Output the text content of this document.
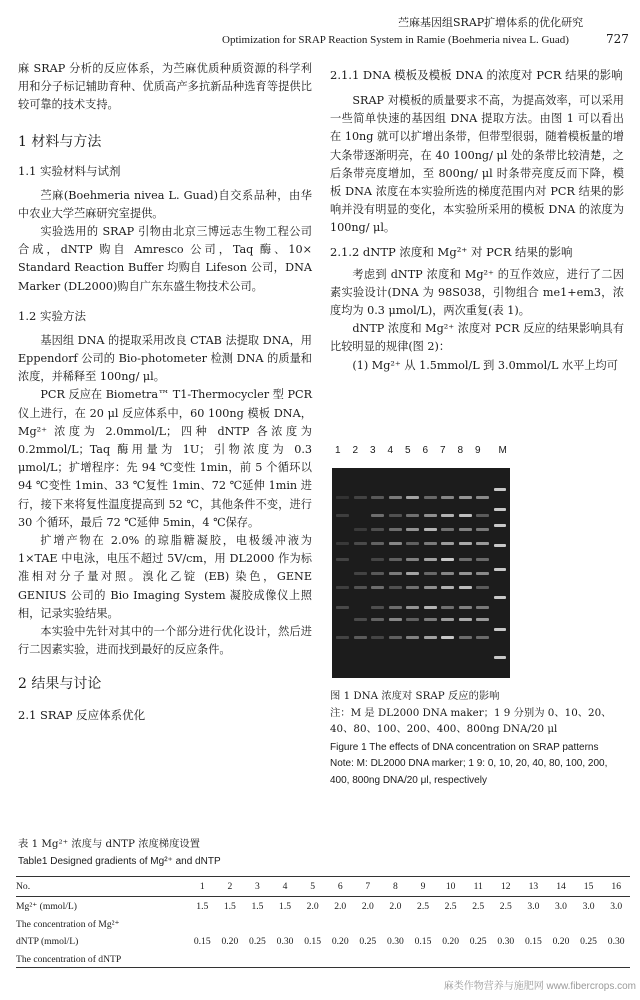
苎麻基因组SRAP扩增体系的优化研究
Optimization for SRAP Reaction System in Ramie (Boehmeria nivea L. Guad)	727

麻 SRAP 分析的反应体系，为苎麻优质种质资源的科学利用和分子标记辅助育种、优质高产多抗新品种选育等提供比较可靠的技术支持。

1 材料与方法
1.1 实验材料与试剂

苎麻(Boehmeria nivea L. Guad)自交系品种，由华中农业大学苎麻研究室提供。

实验选用的 SRAP 引物由北京三博远志生物工程公司合成，dNTP 购自 Amresco 公司，Taq 酶、10× Standard Reaction Buffer 均购自 Lifeson 公司，DNA Marker (DL2000)购自广东东盛生物技术公司。

1.2 实验方法

基因组 DNA 的提取采用改良 CTAB 法提取 DNA，用 Eppendorf 公司的 Bio-photometer 检测 DNA 的质量和浓度，并稀释至 100ng/ μl。

PCR 反应在 Biometra™ T1-Thermocycler 型 PCR 仪上进行，在 20 μl 反应体系中，60 100ng 模板 DNA，Mg²⁺ 浓度为 2.0mmol/L；四种 dNTP 各浓度为 0.2mmol/L；Taq 酶用量为 1U；引物浓度为 0.3 μmol/L；扩增程序：先 94 ℃变性 1min，前 5 个循环以 94 ℃变性 1min、33 ℃复性 1min、72 ℃延伸 1min 进行，接下来将复性温度提高到 52 ℃，其他条件不变，进行 30 个循环，最后 72 ℃延伸 5min，4 ℃保存。

扩增产物在 2.0% 的琼脂糖凝胶，电极缓冲液为 1×TAE 中电泳，电压不超过 5V/cm，用 DL2000 作为标准相对分子量对照。溴化乙锭 (EB) 染色，GENE GENIUS 公司的 Bio Imaging System 凝胶成像仪上照相，记录实验结果。

本实验中先针对其中的一个部分进行优化设计，然后进行二因素实验，进而找到最好的反应条件。

2 结果与讨论
2.1 SRAP 反应体系优化
2.1.1 DNA 模板及模板 DNA 的浓度对 PCR 结果的影响

SRAP 对模板的质量要求不高，为提高效率，可以采用一些简单快速的基因组 DNA 提取方法。由图 1 可以看出在 10ng 就可以扩增出条带，但带型很弱，随着模板量的增大条带逐渐明亮，在 40 100ng/ μl 处的条带比较清楚，之后条带亮度增加，至 800ng/ μl 时条带亮度反而下降，模板 DNA 浓度在本实验所选的梯度范围内对 PCR 结果的影响并没有明显的变化，本实验所采用的模板 DNA 的浓度为 100ng/ μl。

2.1.2 dNTP 浓度和 Mg²⁺ 对 PCR 结果的影响

考虑到 dNTP 浓度和 Mg²⁺ 的互作效应，进行了二因素实验设计(DNA 为 98S038，引物组合 me1+em3，浓度均为 0.3 μmol/L)，两次重复(表 1)。

dNTP 浓度和 Mg²⁺ 浓度对 PCR 反应的结果影响具有比较明显的规律(图 2)：

(1) Mg²⁺ 从 1.5mmol/L 到 3.0mmol/L 水平上均可

1 2 3 4 5 6 7 8 9 M
图 1 DNA 浓度对 SRAP 反应的影响
注：M 是 DL2000 DNA maker；1 9 分别为 0、10、20、40、80、100、200、400、800ng DNA/20 μl
Figure 1 The effects of DNA concentration on SRAP patterns
Note: M: DL2000 DNA marker; 1 9: 0, 10, 20, 40, 80, 100, 200, 400, 800ng DNA/20 μl, respectively
表 1 Mg²⁺ 浓度与 dNTP 浓度梯度设置
Table1 Designed gradients of Mg²⁺ and dNTP
No.	1	2	3	4	5	6	7	8	9	10	11	12	13	14	15	16
Mg²⁺ (mmol/L)	1.5	1.5	1.5	1.5	2.0	2.0	2.0	2.0	2.5	2.5	2.5	2.5	3.0	3.0	3.0	3.0
The concentration of Mg²⁺																
dNTP (mmol/L)	0.15	0.20	0.25	0.30	0.15	0.20	0.25	0.30	0.15	0.20	0.25	0.30	0.15	0.20	0.25	0.30
The concentration of dNTP																
麻类作物营养与施肥网 www.fibercrops.com
